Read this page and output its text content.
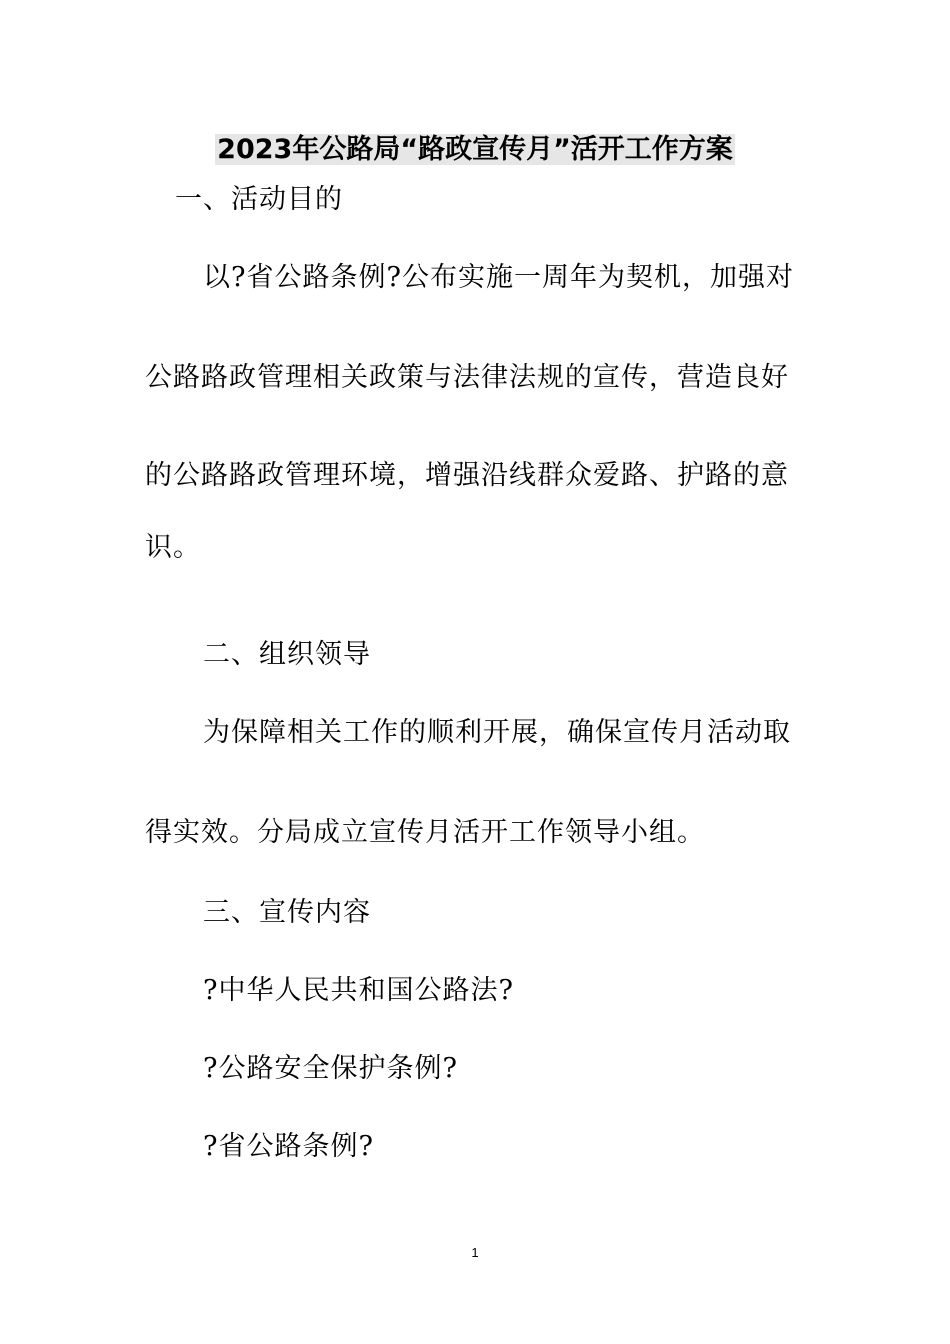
2023年公路局“路政宣传月”活开工作方案
一、活动目的
以?省公路条例?公布实施一周年为契机，加强对
公路路政管理相关政策与法律法规的宣传，营造良好
的公路路政管理环境，增强沿线群众爱路、护路的意
识。
二、组织领导
为保障相关工作的顺利开展，确保宣传月活动取
得实效。分局成立宣传月活开工作领导小组。
三、宣传内容
?中华人民共和国公路法?
?公路安全保护条例?
?省公路条例?
1
